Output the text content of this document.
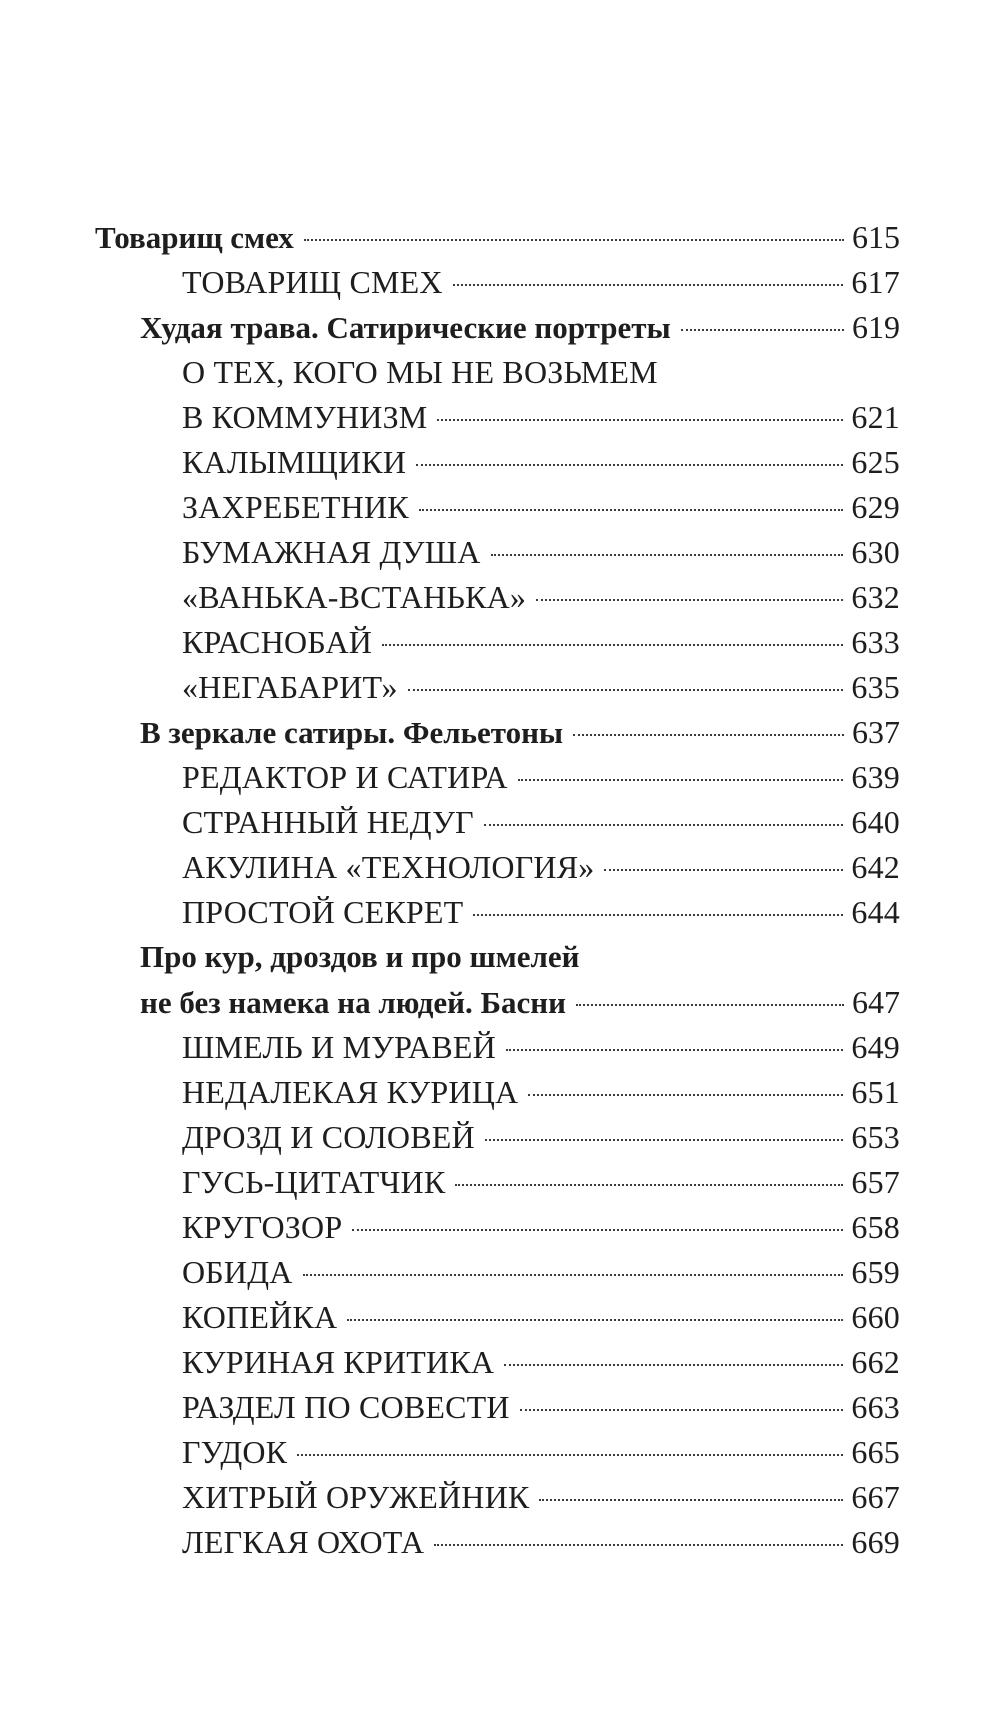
Товарищ смех	615
ТОВАРИЩ СМЕХ	617
Худая трава. Сатирические портреты	619
О ТЕХ, КОГО МЫ НЕ ВОЗЬМЕМ
В КОММУНИЗМ	621
КАЛЫМЩИКИ	625
ЗАХРЕБЕТНИК	629
БУМАЖНАЯ ДУША	630
«ВАНЬКА-ВСТАНЬКА»	632
КРАСНОБАЙ	633
«НЕГАБАРИТ»	635
В зеркале сатиры. Фельетоны	637
РЕДАКТОР И САТИРА	639
СТРАННЫЙ НЕДУГ	640
АКУЛИНА «ТЕХНОЛОГИЯ»	642
ПРОСТОЙ СЕКРЕТ	644
Про кур, дроздов и про шмелей
не без намека на людей. Басни	647
ШМЕЛЬ И МУРАВЕЙ	649
НЕДАЛЕКАЯ КУРИЦА	651
ДРОЗД И СОЛОВЕЙ	653
ГУСЬ-ЦИТАТЧИК	657
КРУГОЗОР	658
ОБИДА	659
КОПЕЙКА	660
КУРИНАЯ КРИТИКА	662
РАЗДЕЛ ПО СОВЕСТИ	663
ГУДОК	665
ХИТРЫЙ ОРУЖЕЙНИК	667
ЛЕГКАЯ ОХОТА	669
